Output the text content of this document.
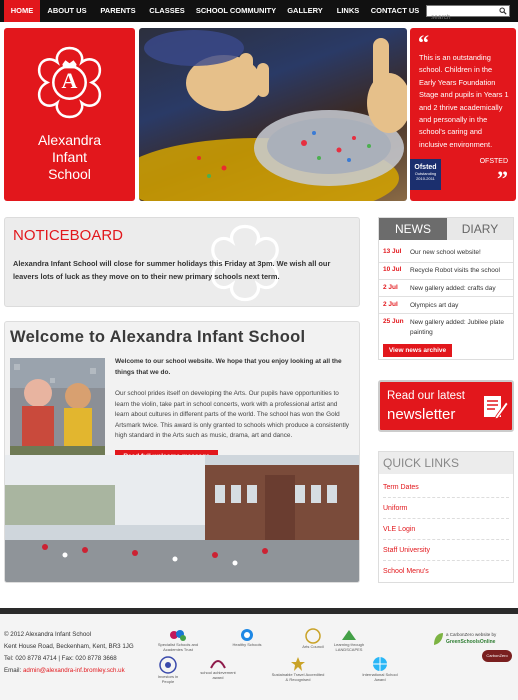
HOME	ABOUT US	PARENTS	CLASSES	SCHOOL COMMUNITY	GALLERY	LINKS	CONTACT US
search
A
Alexandra
Infant
School
“
This is an outstanding school. Children in the Early Years Foundation Stage and pupils in Years 1 and 2 thrive academically and personally in the school's caring and inclusive environment.
OFSTED
”
Ofsted
Outstanding
2010-2011
NOTICEBOARD
Alexandra Infant School will close for summer holidays this Friday at 3pm. We wish all our leavers lots of luck as they move on to their new primary schools next term.
Welcome to Alexandra Infant School
Welcome to our school website. We hope that you enjoy looking at all the things that we do.
Our school prides itself on developing the Arts. Our pupils have opportunities to learn the violin, take part in school concerts, work with a professional artist and learn about cultures in different parts of the world. The school has won the Gold Artsmark twice. This award is only granted to schools which produce a consistently high standard in the Arts such as music, drama, art and dance.
NEWS	DIARY
13 Jul	Our new school website!
10 Jul	Recycle Robot visits the school
2 Jul	New gallery added: crafts day
2 Jul	Olympics art day
25 Jun New gallery added: Jubilee plate painting
View news archive
Read our latest
newsletter
QUICK LINKS
Term Dates
Uniform
VLE Login
Staff University
School Menu's
© 2012 Alexandra Infant School
Kent House Road, Beckenham, Kent, BR3 1JG
Tel: 020 8778 4714 | Fax: 020 8778 3668
Email: admin@alexandra-inf.bromley.sch.uk
Specialist Schools and Academies Trust
Healthy Schools	Arts Council	Learning through LANDSCAPES
Investors in People
school achievement award
Sustainable Travel Accredited & Recognised
International School Award
a CarbonZero website by
GreenSchoolsOnline
CarbonZero
